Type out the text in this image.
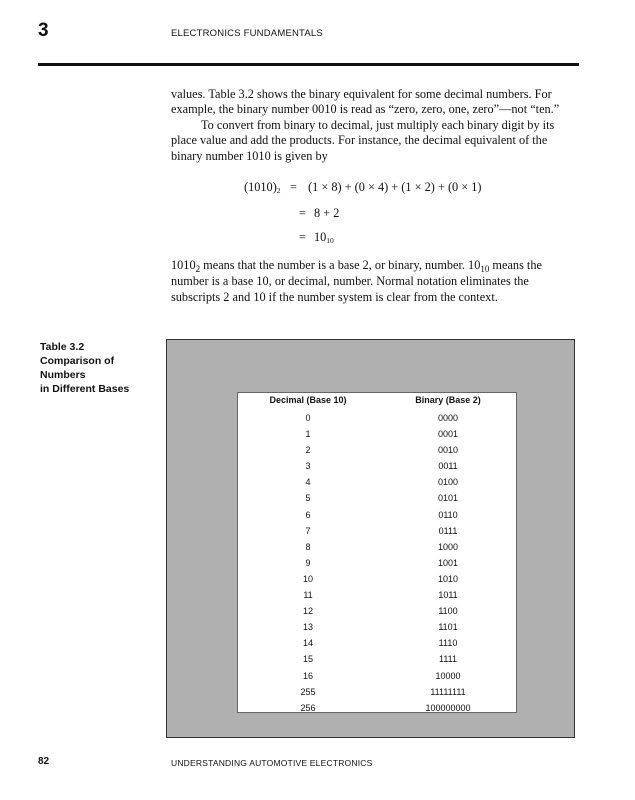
3	ELECTRONICS FUNDAMENTALS
values. Table 3.2 shows the binary equivalent for some decimal numbers. For example, the binary number 0010 is read as “zero, zero, one, zero”—not “ten.”
To convert from binary to decimal, just multiply each binary digit by its place value and add the products. For instance, the decimal equivalent of the binary number 1010 is given by
$(1010)_2 = (1 \times 8) + (0 \times 4) + (1 \times 2) + (0 \times 1)$
= 8 + 2
= $10_{10}$
$1010_2$ means that the number is a base 2, or binary, number. $10_{10}$ means the number is a base 10, or decimal, number. Normal notation eliminates the subscripts 2 and 10 if the number system is clear from the context.
Table 3.2
Comparison of
Numbers
in Different Bases
Decimal (Base 10)	Binary (Base 2)
0	0000
1	0001
2	0010
3	0011
4	0100
5	0101
6	0110
7	0111
8	1000
9	1001
10	1010
11	1011
12	1100
13	1101
14	1110
15	1111
16	10000
255	11111111
256	100000000
82	UNDERSTANDING AUTOMOTIVE ELECTRONICS
